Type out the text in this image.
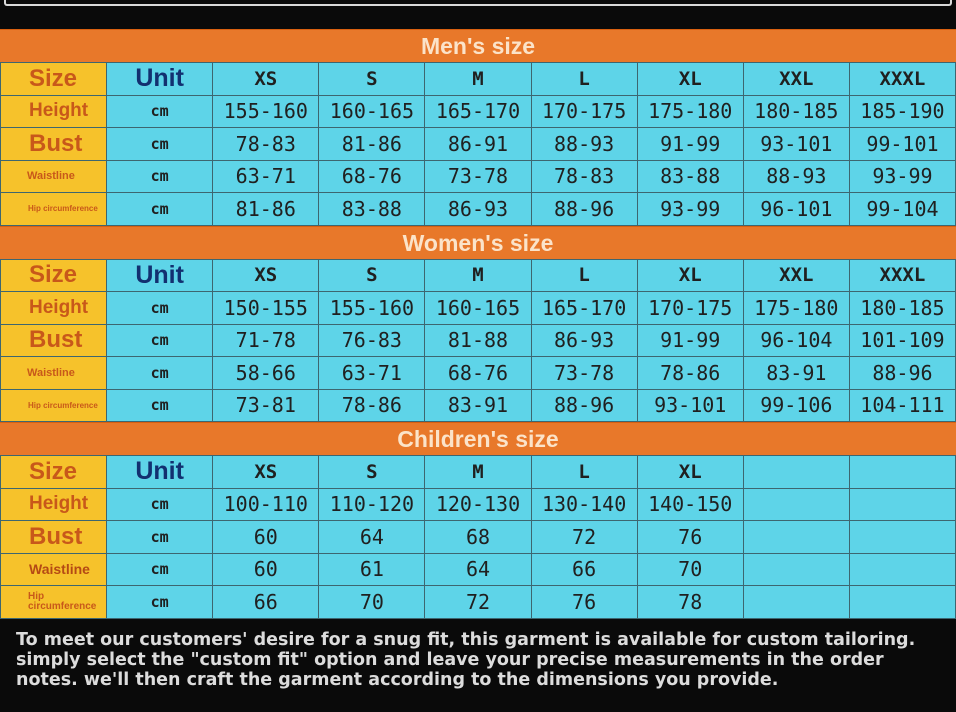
Men's size
Size	Unit	XS	S	M	L	XL	XXL	XXXL
Height	cm	155-160	160-165	165-170	170-175	175-180	180-185	185-190
Bust	cm	78-83	81-86	86-91	88-93	91-99	93-101	99-101
Waistline	cm	63-71	68-76	73-78	78-83	83-88	88-93	93-99
Hip circumference	cm	81-86	83-88	86-93	88-96	93-99	96-101	99-104
Women's size
Size	Unit	XS	S	M	L	XL	XXL	XXXL
Height	cm	150-155	155-160	160-165	165-170	170-175	175-180	180-185
Bust	cm	71-78	76-83	81-88	86-93	91-99	96-104	101-109
Waistline	cm	58-66	63-71	68-76	73-78	78-86	83-91	88-96
Hip circumference	cm	73-81	78-86	83-91	88-96	93-101	99-106	104-111
Children's size
Size	Unit	XS	S	M	L	XL		
Height	cm	100-110	110-120	120-130	130-140	140-150		
Bust	cm	60	64	68	72	76		
Waistline	cm	60	61	64	66	70		
Hip circumference	cm	66	70	72	76	78		
To meet our customers' desire for a snug fit, this garment is available for custom tailoring. simply select the "custom fit" option and leave your precise measurements in the order notes. we'll then craft the garment according to the dimensions you provide.
